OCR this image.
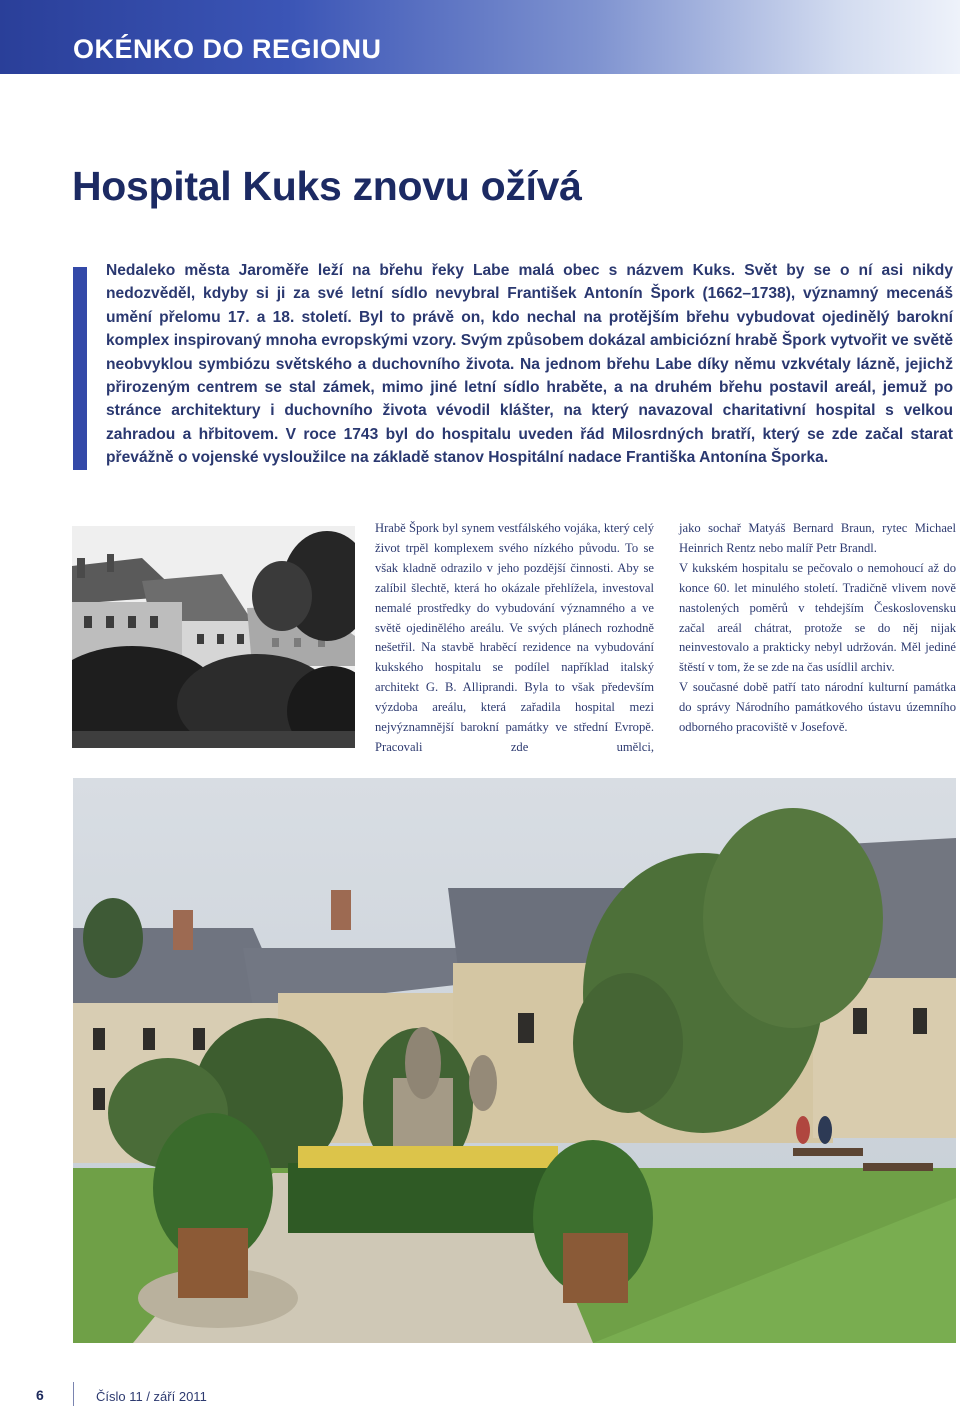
OKÉNKO DO REGIONU
Hospital Kuks znovu ožívá

Nedaleko města Jaroměře leží na břehu řeky Labe malá obec s názvem Kuks. Svět by se o ní asi nikdy nedozvěděl, kdyby si ji za své letní sídlo nevybral František Antonín Špork (1662–1738), významný mecenáš umění přelomu 17. a 18. století. Byl to právě on, kdo nechal na protějším břehu vybudovat ojedinělý barokní komplex inspirovaný mnoha evropskými vzory. Svým způsobem dokázal ambiciózní hrabě Špork vytvořit ve světě neobvyklou symbiózu světského a duchovního života. Na jednom břehu Labe díky němu vzkvétaly lázně, jejichž přirozeným centrem se stal zámek, mimo jiné letní sídlo hraběte, a na druhém břehu postavil areál, jemuž po stránce architektury i duchovního života vévodil klášter, na který navazoval charitativní hospital s velkou zahradou a hřbitovem. V roce 1743 byl do hospitalu uveden řád Milosrdných bratří, který se zde začal starat převážně o vojenské vysloužilce na základě stanov Hospitální nadace Františka Antonína Šporka.

Hrabě Špork byl synem vestfálského vojáka, který celý život trpěl komplexem svého nízkého původu. To se však kladně odrazilo v jeho pozdější činnosti. Aby se zalíbil šlechtě, která ho okázale přehlížela, investoval nemalé prostředky do vybudování významného a ve světě ojedinělého areálu. Ve svých plánech rozhodně nešetřil. Na stavbě hraběcí rezidence na vybudování kukského hospitalu se podílel například italský architekt G. B. Alliprandi. Byla to však především výzdoba areálu, která zařadila hospital mezi nejvýznamnější barokní památky ve střední Evropě. Pracovali zde umělci,

jako sochař Matyáš Bernard Braun, rytec Michael Heinrich Rentz nebo malíř Petr Brandl.

V kukském hospitalu se pečovalo o nemohoucí až do konce 60. let minulého století. Tradičně vlivem nově nastolených poměrů v tehdejším Československu začal areál chátrat, protože se do něj nijak neinvestovalo a prakticky nebyl udržován. Měl jediné štěstí v tom, že se zde na čas usídlil archiv.

V současné době patří tato národní kulturní památka do správy Národního památkového ústavu územního odborného pracoviště v Josefově.

6	Číslo 11 / září 2011
